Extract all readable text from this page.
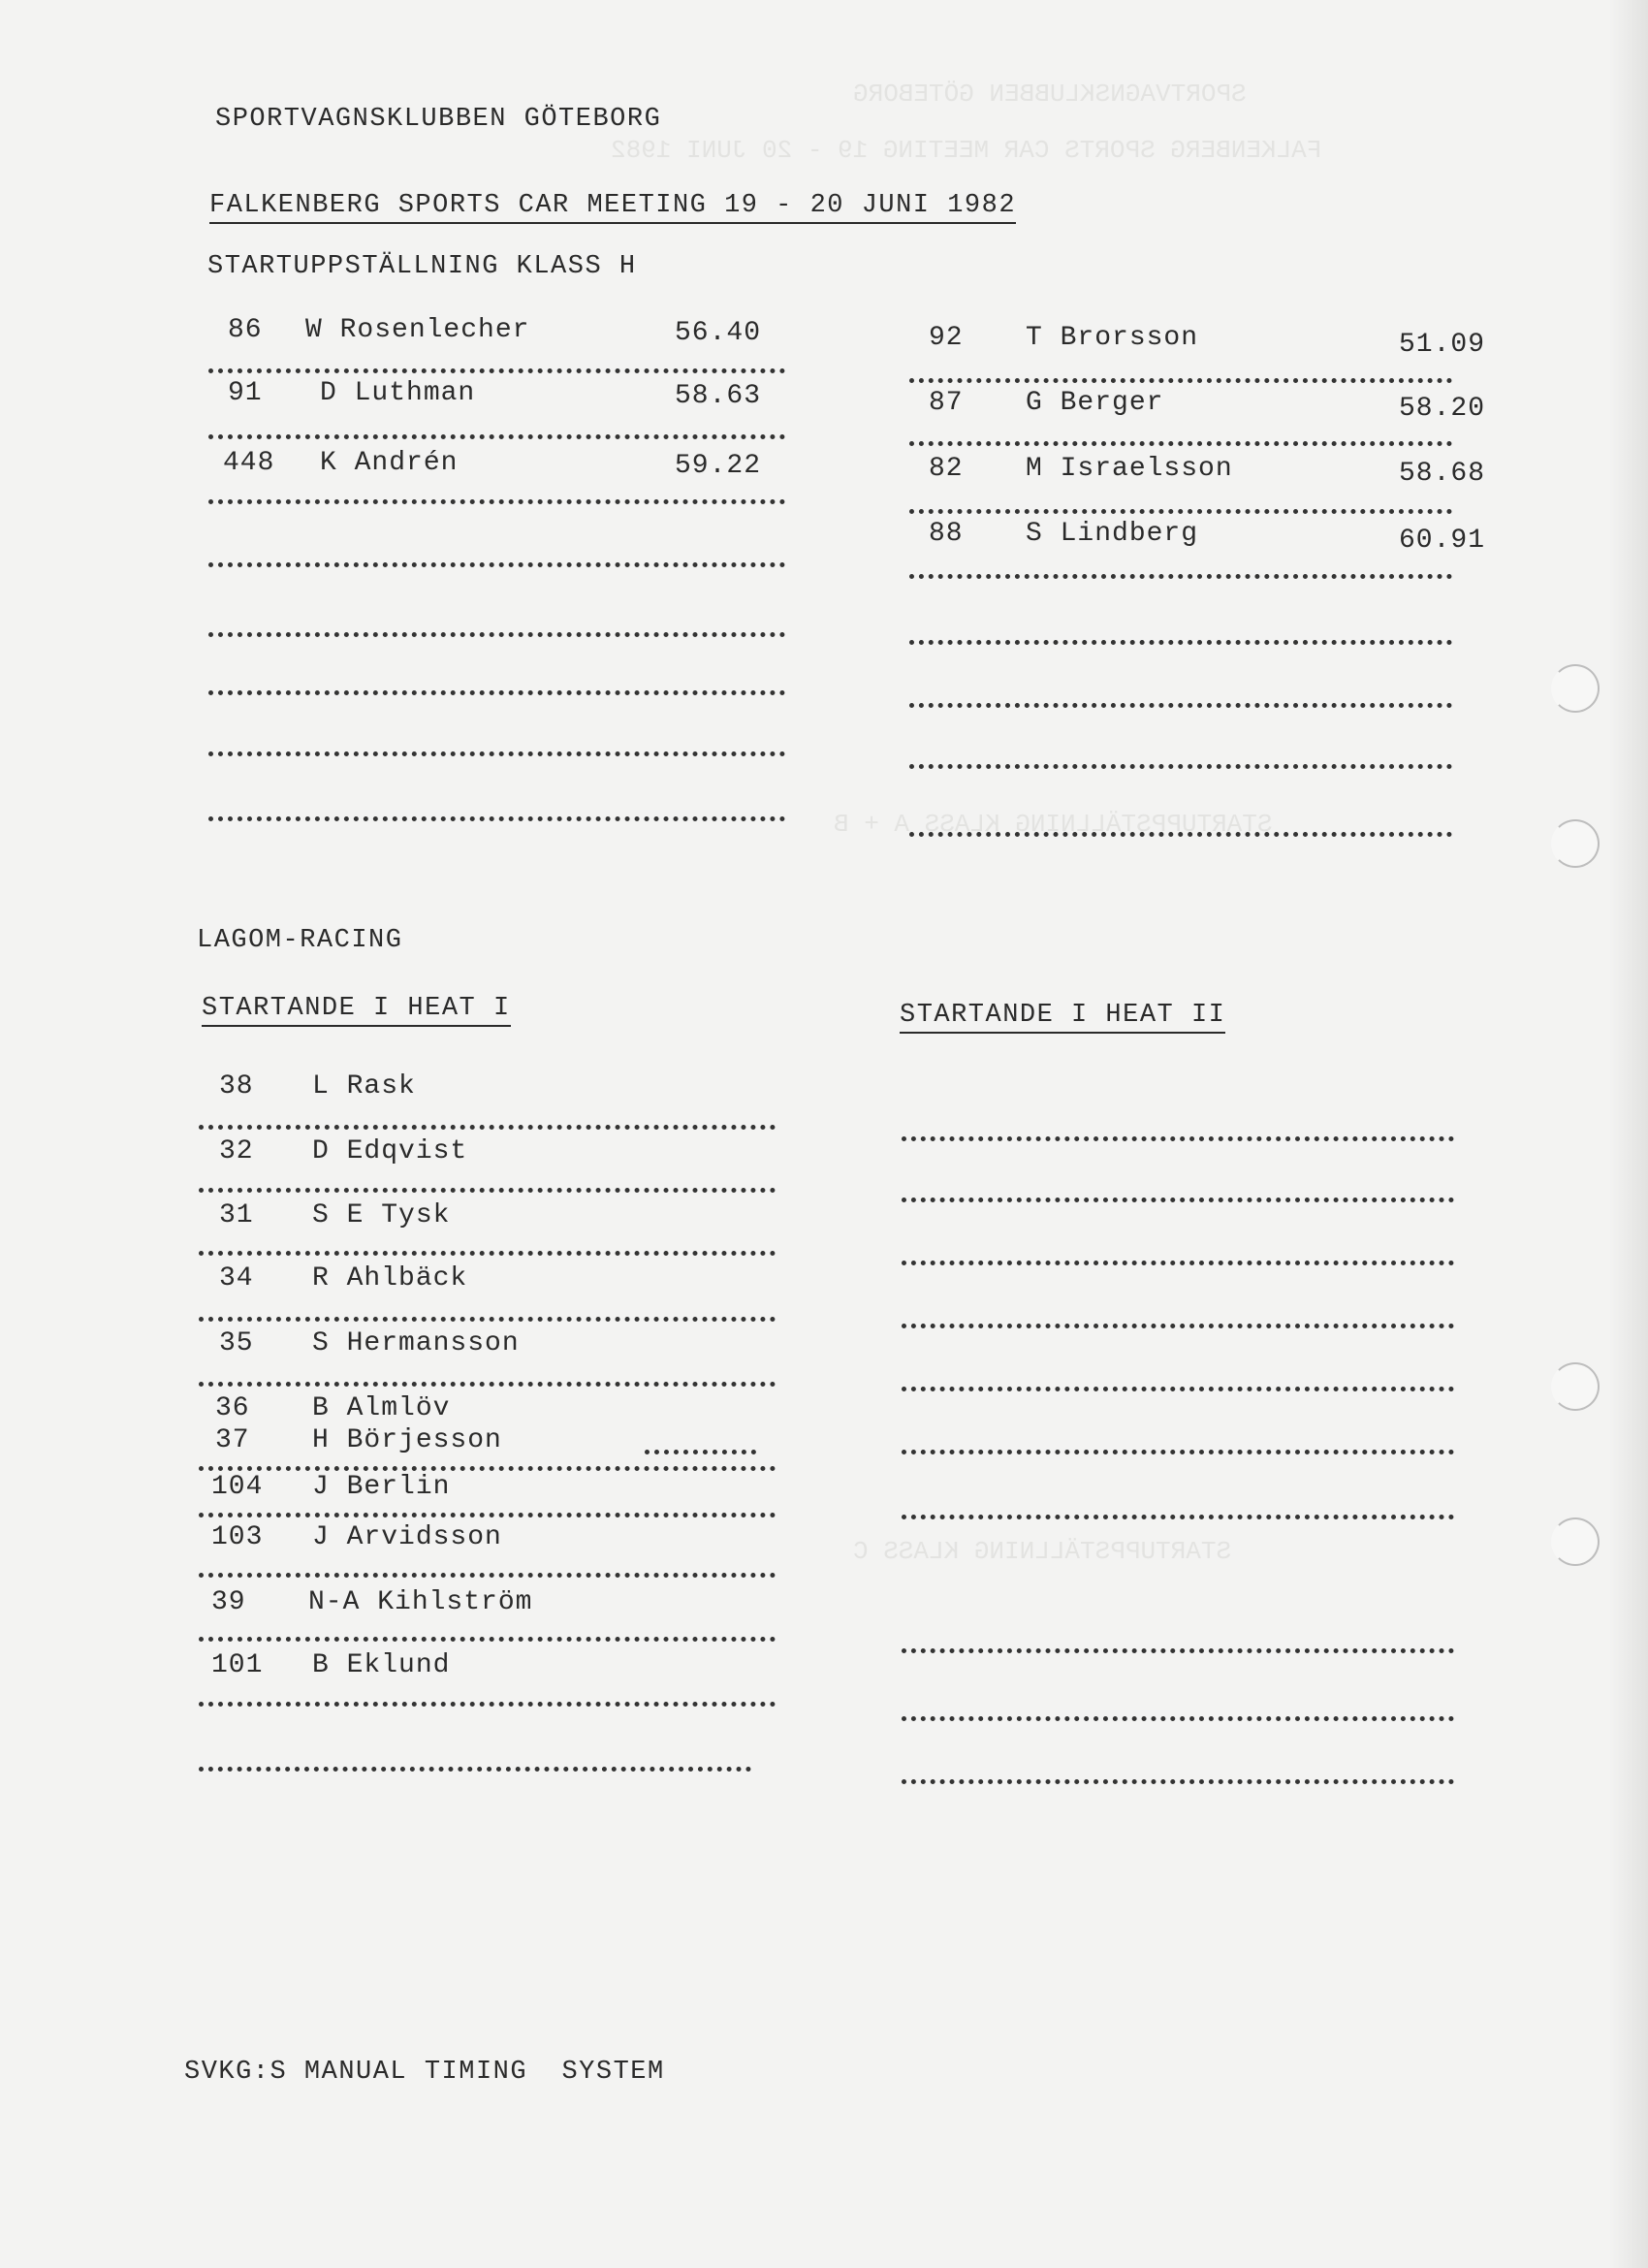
SPORTVAGNSKLUBBEN GÖTEBORG
FALKENBERG SPORTS CAR MEETING 19 - 20 JUNI 1982
STARTUPPSTÄLLNING KLASS A + B
STARTUPPSTÄLLNING KLASS C
SPORTVAGNSKLUBBEN GÖTEBORG
FALKENBERG SPORTS CAR MEETING 19 - 20 JUNI 1982
STARTUPPSTÄLLNING KLASS H
86 W Rosenlecher	56.40
91 D Luthman	58.63
448 K Andrén	59.22
92 T Brorsson	51.09
87 G Berger	58.20
82 M Israelsson	58.68
88 S Lindberg	60.91
LAGOM-RACING
STARTANDE I HEAT I	STARTANDE I HEAT II
38 L Rask
32 D Edqvist
31 S E Tysk
34 R Ahlbäck
35 S Hermansson
36 B Almlöv
37 H Börjesson
104 J Berlin
103 J Arvidsson
39 N-A Kihlström
101 B Eklund
SVKG:S MANUAL TIMING  SYSTEM
